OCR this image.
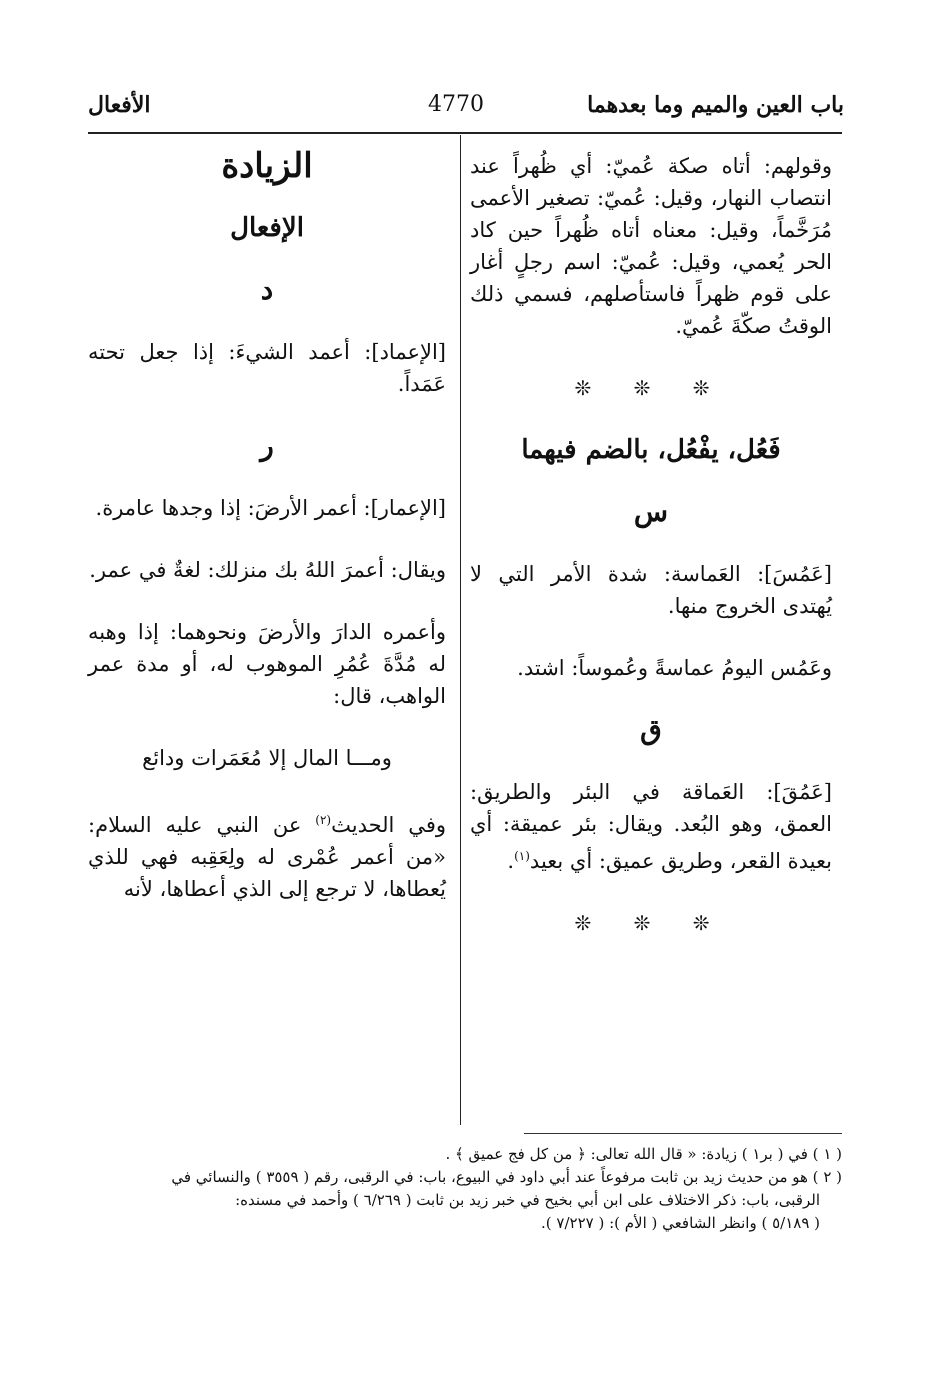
باب العين والميم وما بعدهما
4770
الأفعال

وقولهم: أتاه صكة عُميّ: أي ظُهراً عند انتصاب النهار، وقيل: عُميّ: تصغير الأعمى مُرَخَّماً، وقيل: معناه أتاه ظُهراً حين كاد الحر يُعمي، وقيل: عُميّ: اسم رجلٍ أغار على قوم ظهراً فاستأصلهم، فسمي ذلك الوقتُ صكّةَ عُميّ.

❊ ❊ ❊
فَعُل، يفْعُل، بالضم فيهما
س

[عَمُسَ]: العَماسة: شدة الأمر التي لا يُهتدى الخروج منها.

وعَمُس اليومُ عماسةً وعُموساً: اشتد.

ق

[عَمُقَ]: العَماقة في البئر والطريق: العمق، وهو البُعد. ويقال: بئر عميقة: أي بعيدة القعر، وطريق عميق: أي بعيد$^{(١)}$.

❊ ❊ ❊
الزيادة
الإفعال
د

[الإعماد]: أعمد الشيءَ: إذا جعل تحته عَمَداً.

ر

[الإعمار]: أعمر الأرضَ: إذا وجدها عامرة.

ويقال: أعمرَ اللهُ بك منزلك: لغةٌ في عمر.

وأعمره الدارَ والأرضَ ونحوهما: إذا وهبه له مُدَّةَ عُمُرِ الموهوب له، أو مدة عمر الواهب، قال:

ومـــا المال إلا مُعَمَرات ودائع

وفي الحديث$^{(٢)}$ عن النبي عليه السلام: «من أعمر عُمْرى له ولِعَقِبه فهي للذي يُعطاها، لا ترجع إلى الذي أعطاها، لأنه

( ١ ) في ( بر١ ) زيادة: « قال الله تعالى: ﴿ من كل فج عميق ﴾ .

( ٢ ) هو من حديث زيد بن ثابت مرفوعاً عند أبي داود في البيوع، باب: في الرقبى، رقم ( ٣٥٥٩ ) والنسائي في

الرقبى، باب: ذكر الاختلاف على ابن أبي بخيح في خبر زيد بن ثابت ( ٦/٢٦٩ ) وأحمد في مسنده:

( ٥/١٨٩ ) وانظر الشافعي ( الأم ): ( ٧/٢٢٧ ).
